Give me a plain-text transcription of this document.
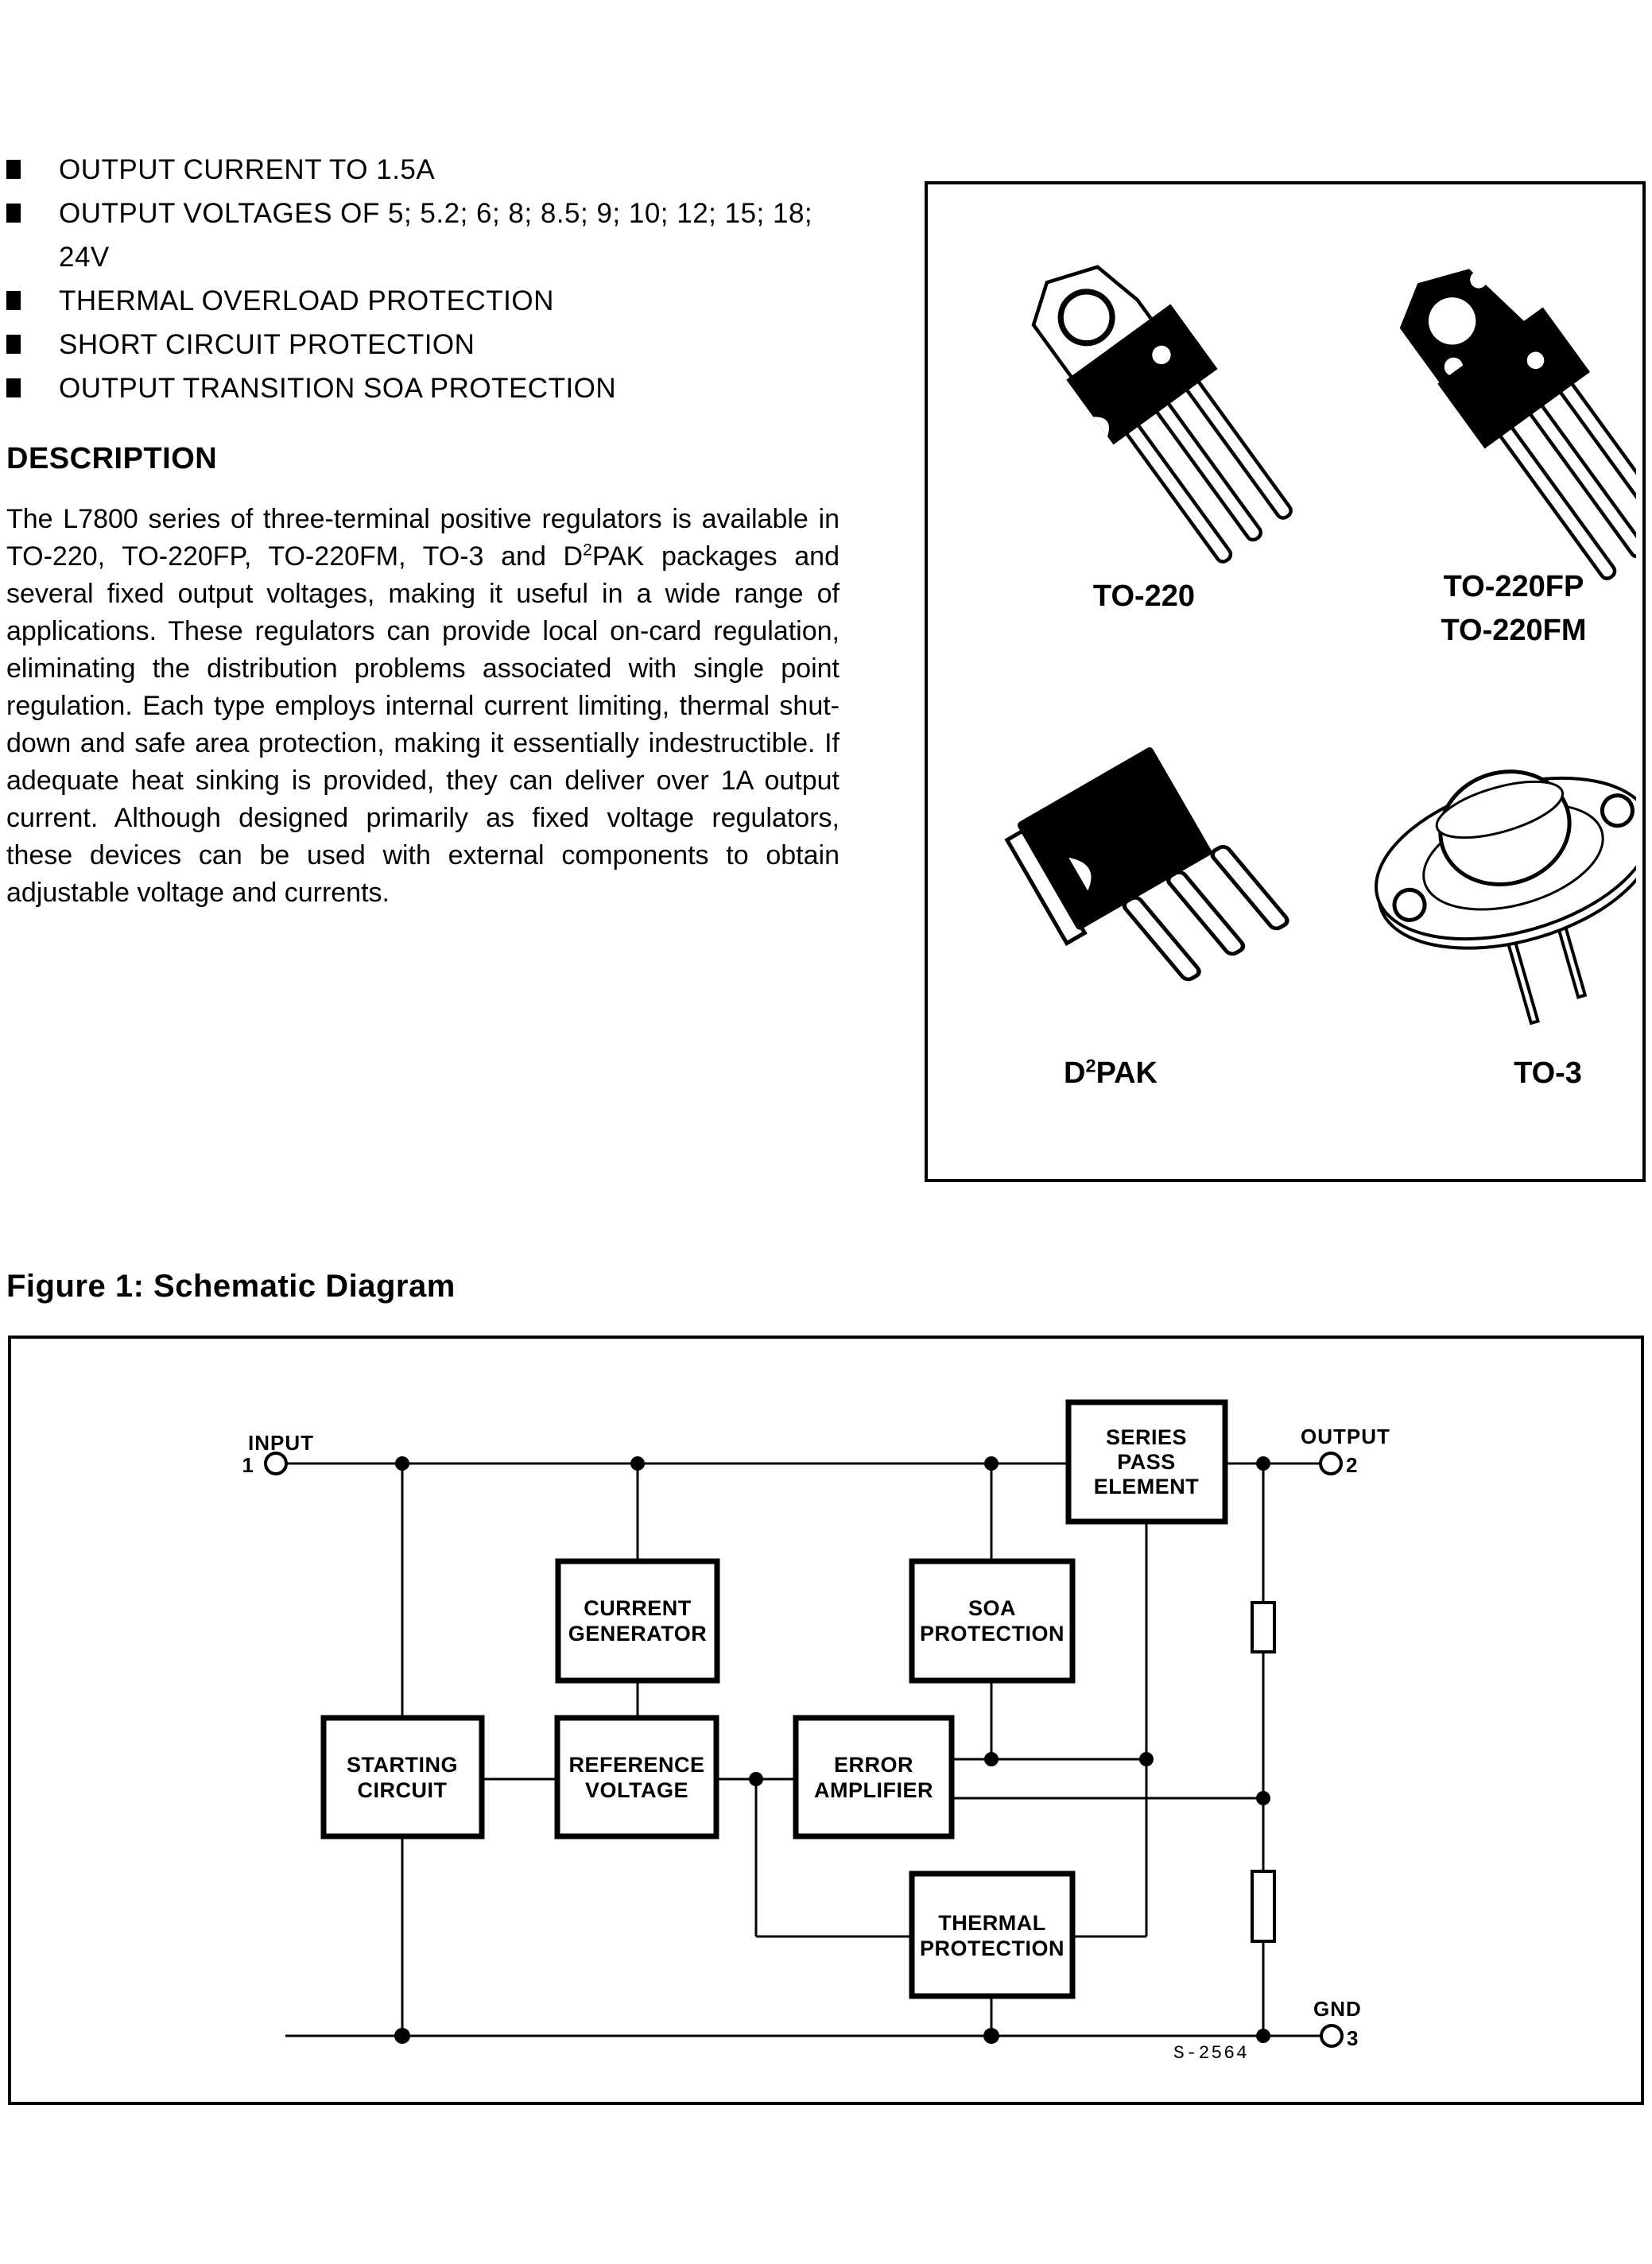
OUTPUT CURRENT TO 1.5A
OUTPUT VOLTAGES OF 5; 5.2; 6; 8; 8.5; 9; 10; 12; 15; 18; 24V
THERMAL OVERLOAD PROTECTION
SHORT CIRCUIT PROTECTION
OUTPUT TRANSITION SOA PROTECTION
DESCRIPTION
The L7800 series of three-terminal positive regulators is available in TO-220, TO-220FP, TO-220FM, TO-3 and $D^2PAK$ packages and several fixed output voltages, making it useful in a wide range of applications. These regulators can provide local on-card regulation, eliminating the distribution problems associated with single point regulation. Each type employs internal current limiting, thermal shut-down and safe area protection, making it essentially indestructible. If adequate heat sinking is provided, they can deliver over 1A output current. Although designed primarily as fixed voltage regulators, these devices can be used with external components to obtain adjustable voltage and currents.
TO-220	TO-220FP
TO-220FM
$D^2PAK$	TO-3
Figure 1: Schematic Diagram
SERIES
PASS
ELEMENT
CURRENT
GENERATOR
SOA
PROTECTION
STARTING
CIRCUIT
REFERENCE
VOLTAGE
ERROR
AMPLIFIER
THERMAL
PROTECTION
INPUT
1
OUTPUT
2
GND
3
S-2564
